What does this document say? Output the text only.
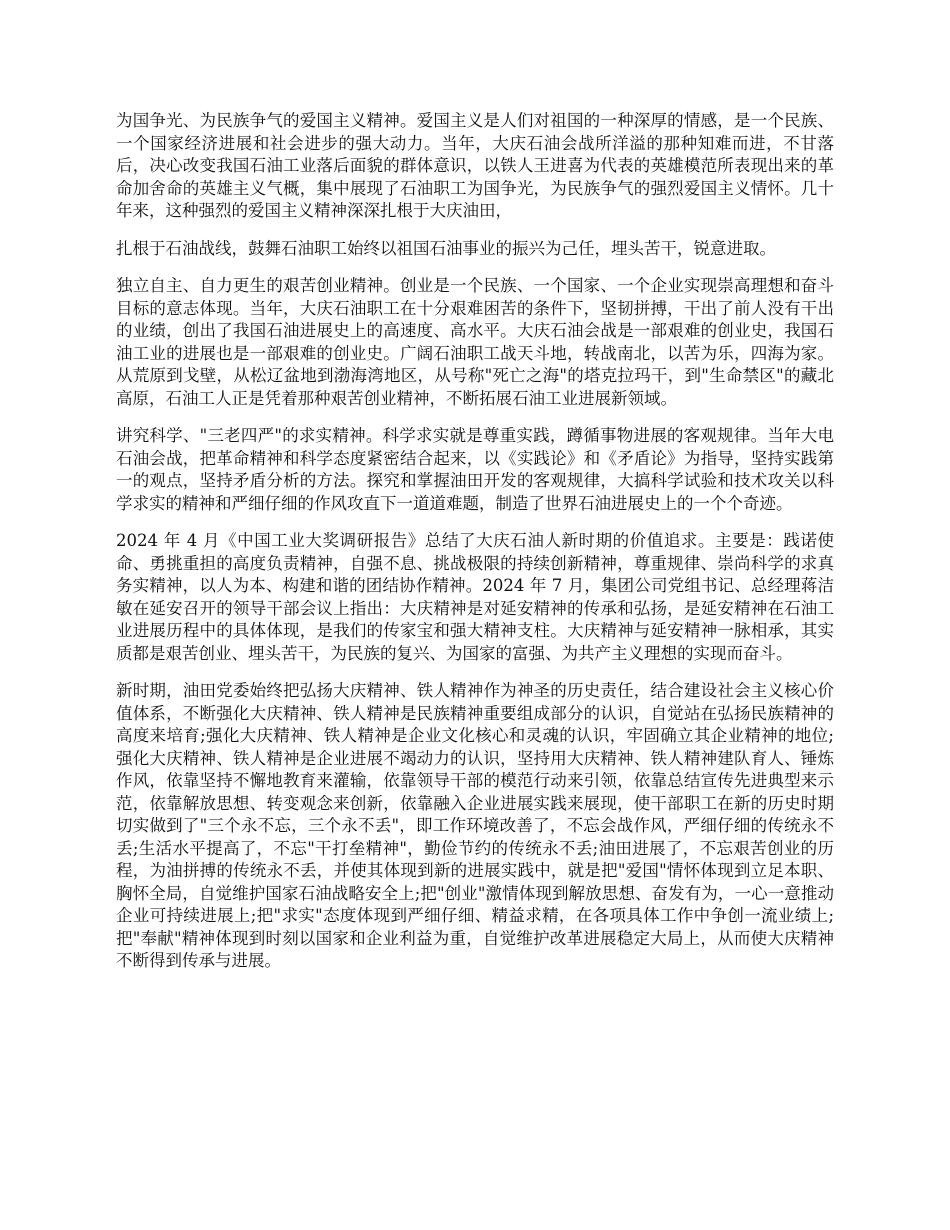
为国争光、为民族争气的爱国主义精神。爱国主义是人们对祖国的一种深厚的情感，是一个民族、一个国家经济进展和社会进步的强大动力。当年，大庆石油会战所洋溢的那种知难而进，不甘落后，决心改变我国石油工业落后面貌的群体意识，以铁人王进喜为代表的英雄模范所表现出来的革命加舍命的英雄主义气概，集中展现了石油职工为国争光，为民族争气的强烈爱国主义情怀。几十年来，这种强烈的爱国主义精神深深扎根于大庆油田，

扎根于石油战线，鼓舞石油职工始终以祖国石油事业的振兴为己任，埋头苦干，锐意进取。

独立自主、自力更生的艰苦创业精神。创业是一个民族、一个国家、一个企业实现崇高理想和奋斗目标的意志体现。当年，大庆石油职工在十分艰难困苦的条件下，坚韧拼搏，干出了前人没有干出的业绩，创出了我国石油进展史上的高速度、高水平。大庆石油会战是一部艰难的创业史，我国石油工业的进展也是一部艰难的创业史。广阔石油职工战天斗地，转战南北，以苦为乐，四海为家。从荒原到戈壁，从松辽盆地到渤海湾地区，从号称"死亡之海"的塔克拉玛干，到"生命禁区"的藏北高原，石油工人正是凭着那种艰苦创业精神，不断拓展石油工业进展新领域。

讲究科学、"三老四严"的求实精神。科学求实就是尊重实践，蹲循事物进展的客观规律。当年大电石油会战，把革命精神和科学态度紧密结合起来，以《实践论》和《矛盾论》为指导，坚持实践第一的观点，坚持矛盾分析的方法。探究和掌握油田开发的客观规律，大搞科学试验和技术攻关以科学求实的精神和严细仔细的作风攻直下一道道难题，制造了世界石油进展史上的一个个奇迹。

2024 年 4 月《中国工业大奖调研报告》总结了大庆石油人新时期的价值追求。主要是：践诺使命、勇挑重担的高度负责精神，自强不息、挑战极限的持续创新精神，尊重规律、崇尚科学的求真务实精神，以人为本、构建和谐的团结协作精神。2024 年 7 月，集团公司党组书记、总经理蒋洁敏在延安召开的领导干部会议上指出：大庆精神是对延安精神的传承和弘扬，是延安精神在石油工业进展历程中的具体体现，是我们的传家宝和强大精神支柱。大庆精神与延安精神一脉相承，其实质都是艰苦创业、埋头苦干，为民族的复兴、为国家的富强、为共产主义理想的实现而奋斗。

新时期，油田党委始终把弘扬大庆精神、铁人精神作为神圣的历史责任，结合建设社会主义核心价值体系，不断强化大庆精神、铁人精神是民族精神重要组成部分的认识，自觉站在弘扬民族精神的高度来培育;强化大庆精神、铁人精神是企业文化核心和灵魂的认识，牢固确立其企业精神的地位;强化大庆精神、铁人精神是企业进展不竭动力的认识，坚持用大庆精神、铁人精神建队育人、锤炼作风，依靠坚持不懈地教育来灌输，依靠领导干部的模范行动来引领，依靠总结宣传先进典型来示范，依靠解放思想、转变观念来创新，依靠融入企业进展实践来展现，使干部职工在新的历史时期切实做到了"三个永不忘，三个永不丢"，即工作环境改善了，不忘会战作风，严细仔细的传统永不丢;生活水平提高了，不忘"干打垒精神"，勤俭节约的传统永不丢;油田进展了，不忘艰苦创业的历程，为油拼搏的传统永不丢，并使其体现到新的进展实践中，就是把"爱国"情怀体现到立足本职、胸怀全局，自觉维护国家石油战略安全上;把"创业"激情体现到解放思想、奋发有为，一心一意推动企业可持续进展上;把"求实"态度体现到严细仔细、精益求精，在各项具体工作中争创一流业绩上;把"奉献"精神体现到时刻以国家和企业利益为重，自觉维护改革进展稳定大局上，从而使大庆精神不断得到传承与进展。
